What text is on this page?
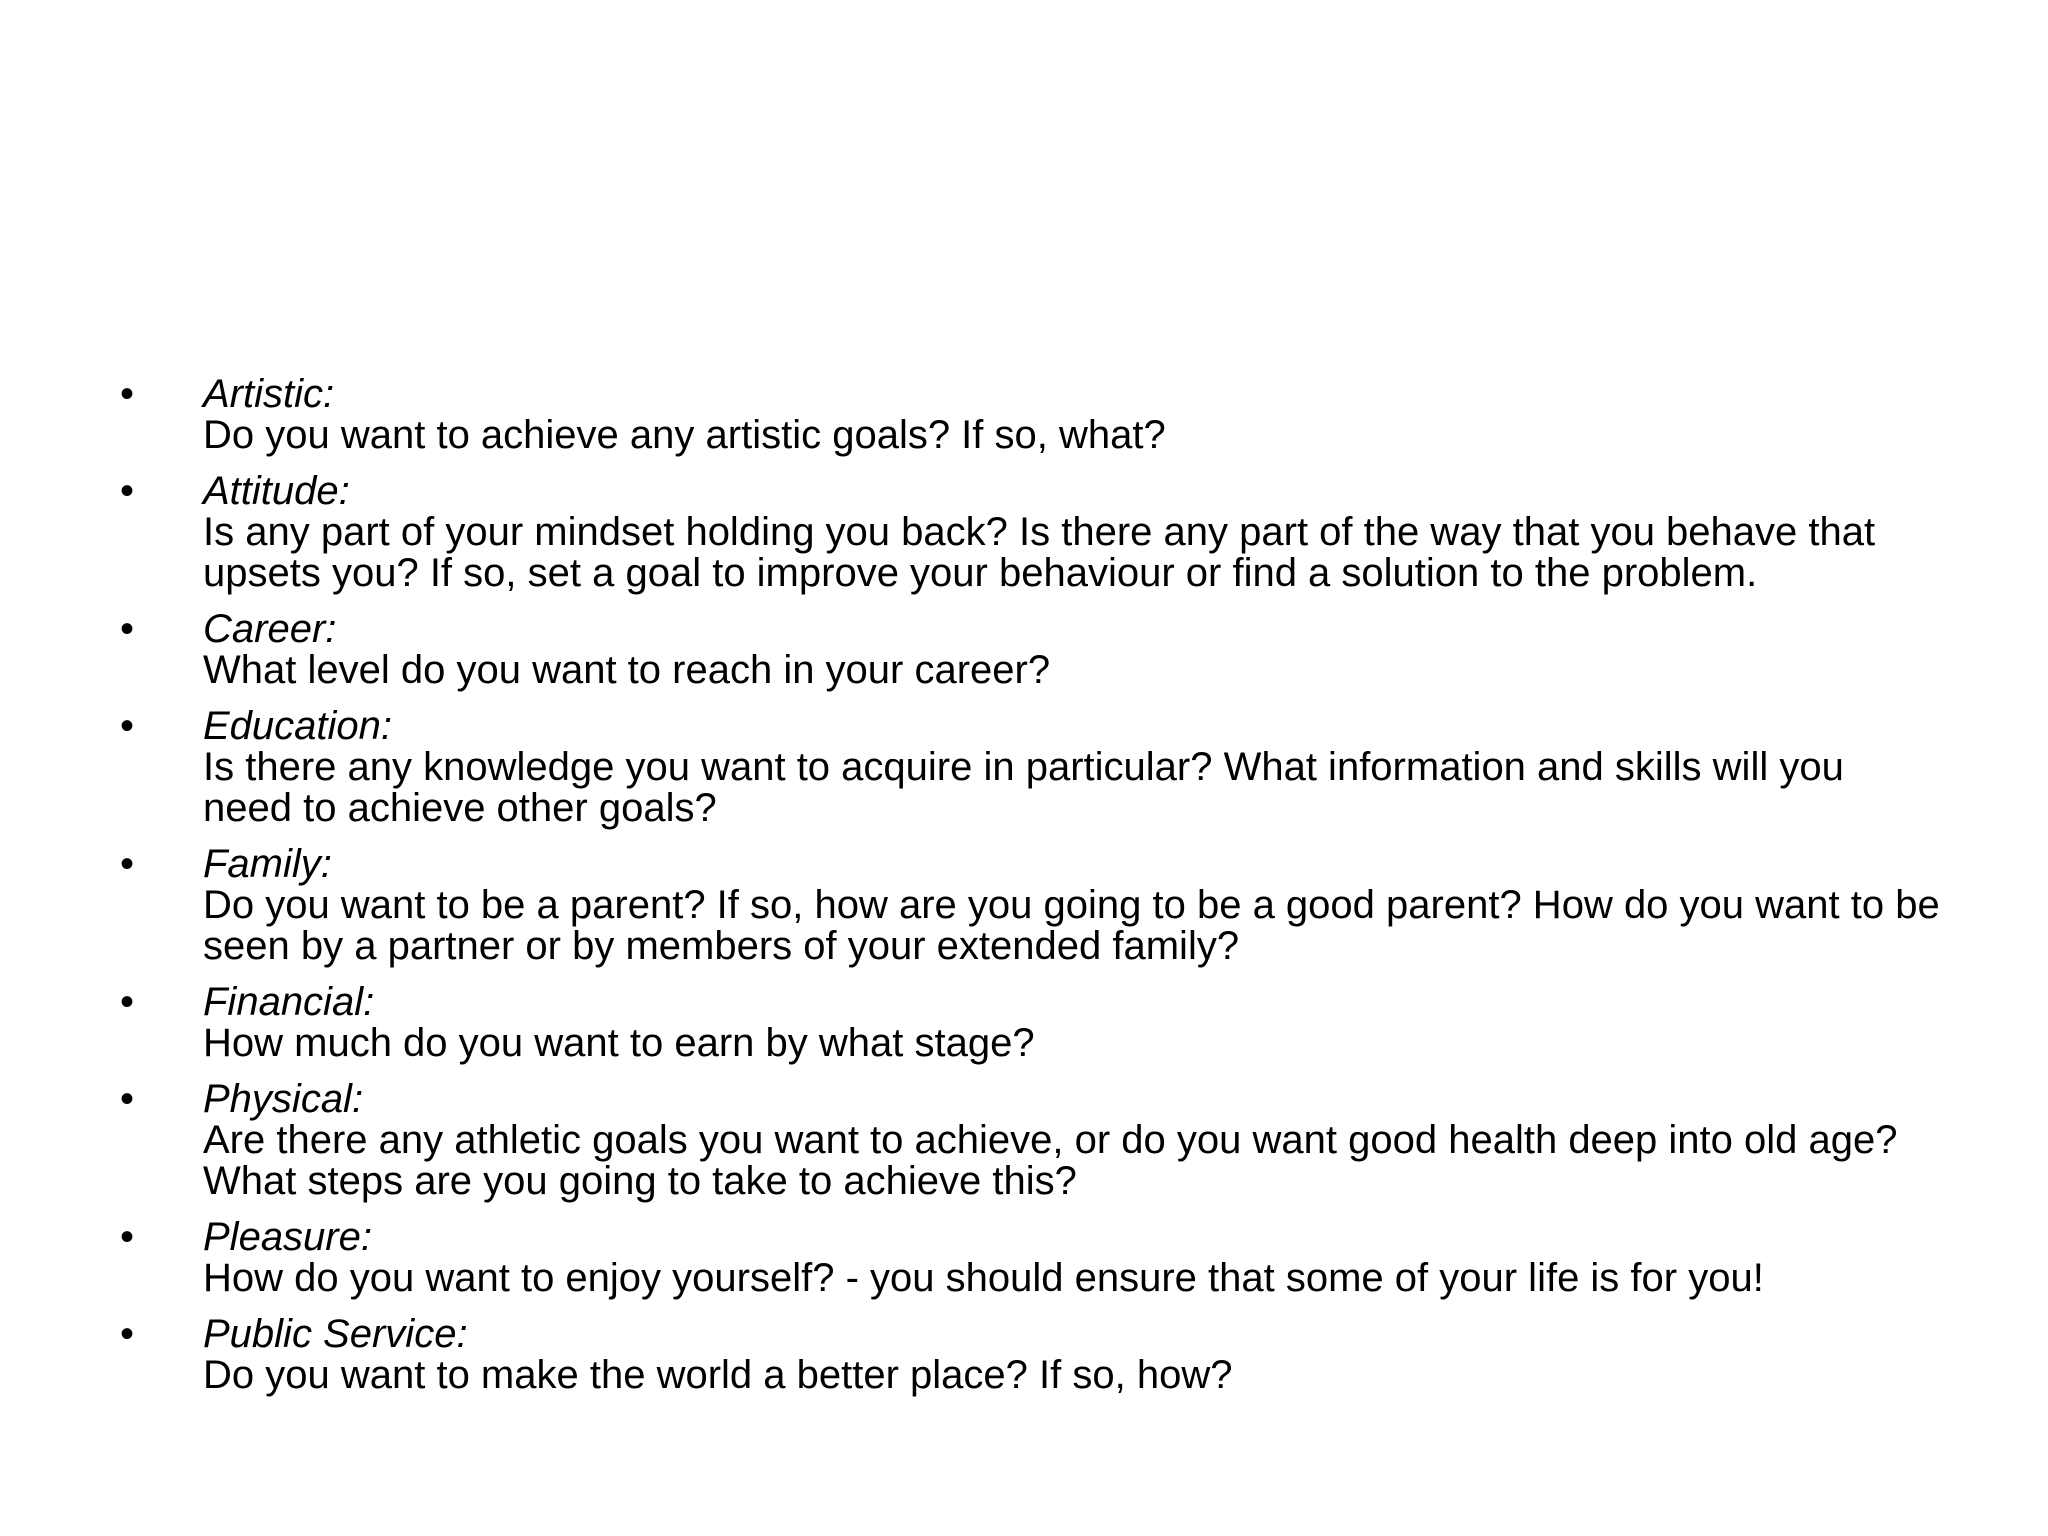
•	Artistic:
Do you want to achieve any artistic goals? If so, what?
•	Attitude:
Is any part of your mindset holding you back? Is there any part of the way that you behave that upsets you? If so, set a goal to improve your behaviour or find a solution to the problem.
•	Career:
What level do you want to reach in your career?
•	Education:
Is there any knowledge you want to acquire in particular? What information and skills will you need to achieve other goals?
•	Family:
Do you want to be a parent? If so, how are you going to be a good parent? How do you want to be seen by a partner or by members of your extended family?
•	Financial:
How much do you want to earn by what stage?
•	Physical:
Are there any athletic goals you want to achieve, or do you want good health deep into old age? What steps are you going to take to achieve this?
•	Pleasure:
How do you want to enjoy yourself? - you should ensure that some of your life is for you!
•	Public Service:
Do you want to make the world a better place? If so, how?
